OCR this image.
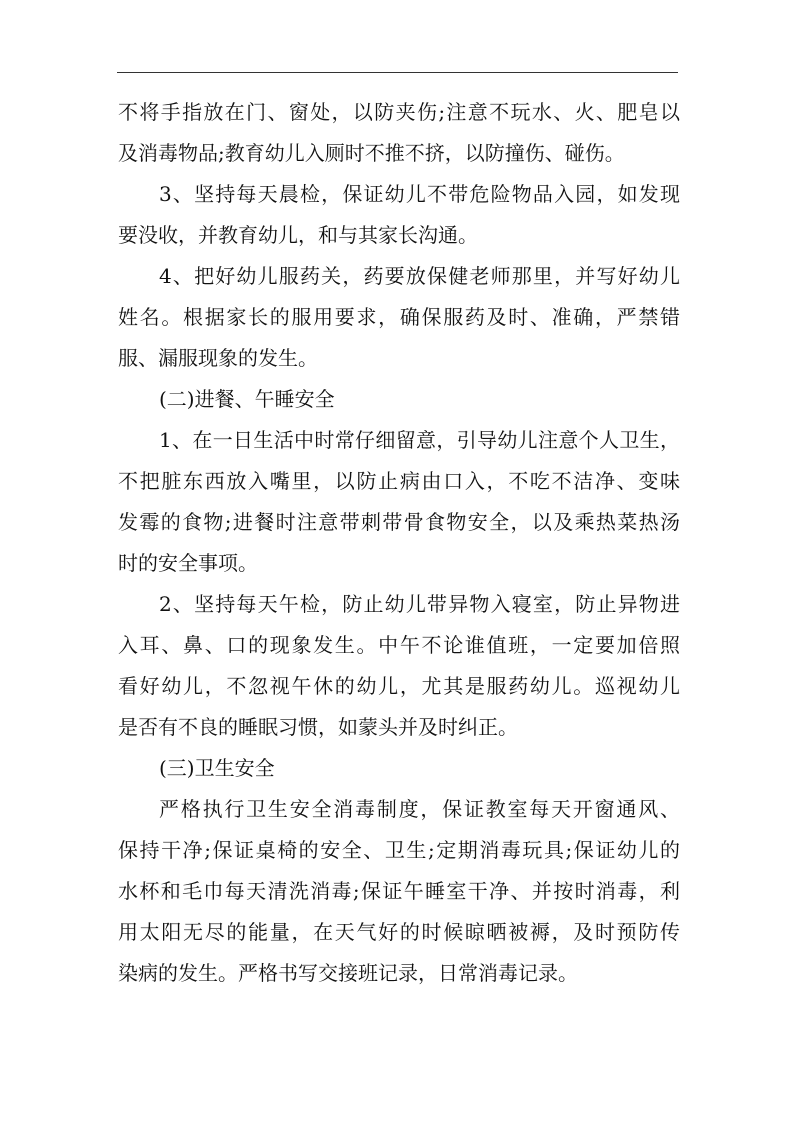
不将手指放在门、窗处，以防夹伤;注意不玩水、火、肥皂以
及消毒物品;教育幼儿入厕时不推不挤，以防撞伤、碰伤。
3、坚持每天晨检，保证幼儿不带危险物品入园，如发现
要没收，并教育幼儿，和与其家长沟通。
4、把好幼儿服药关，药要放保健老师那里，并写好幼儿
姓名。根据家长的服用要求，确保服药及时、准确，严禁错
服、漏服现象的发生。
(二)进餐、午睡安全
1、在一日生活中时常仔细留意，引导幼儿注意个人卫生，
不把脏东西放入嘴里，以防止病由口入，不吃不洁净、变味
发霉的食物;进餐时注意带刺带骨食物安全，以及乘热菜热汤
时的安全事项。
2、坚持每天午检，防止幼儿带异物入寝室，防止异物进
入耳、鼻、口的现象发生。中午不论谁值班，一定要加倍照
看好幼儿，不忽视午休的幼儿，尤其是服药幼儿。巡视幼儿
是否有不良的睡眠习惯，如蒙头并及时纠正。
(三)卫生安全
严格执行卫生安全消毒制度，保证教室每天开窗通风、
保持干净;保证桌椅的安全、卫生;定期消毒玩具;保证幼儿的
水杯和毛巾每天清洗消毒;保证午睡室干净、并按时消毒，利
用太阳无尽的能量，在天气好的时候晾晒被褥，及时预防传
染病的发生。严格书写交接班记录，日常消毒记录。
